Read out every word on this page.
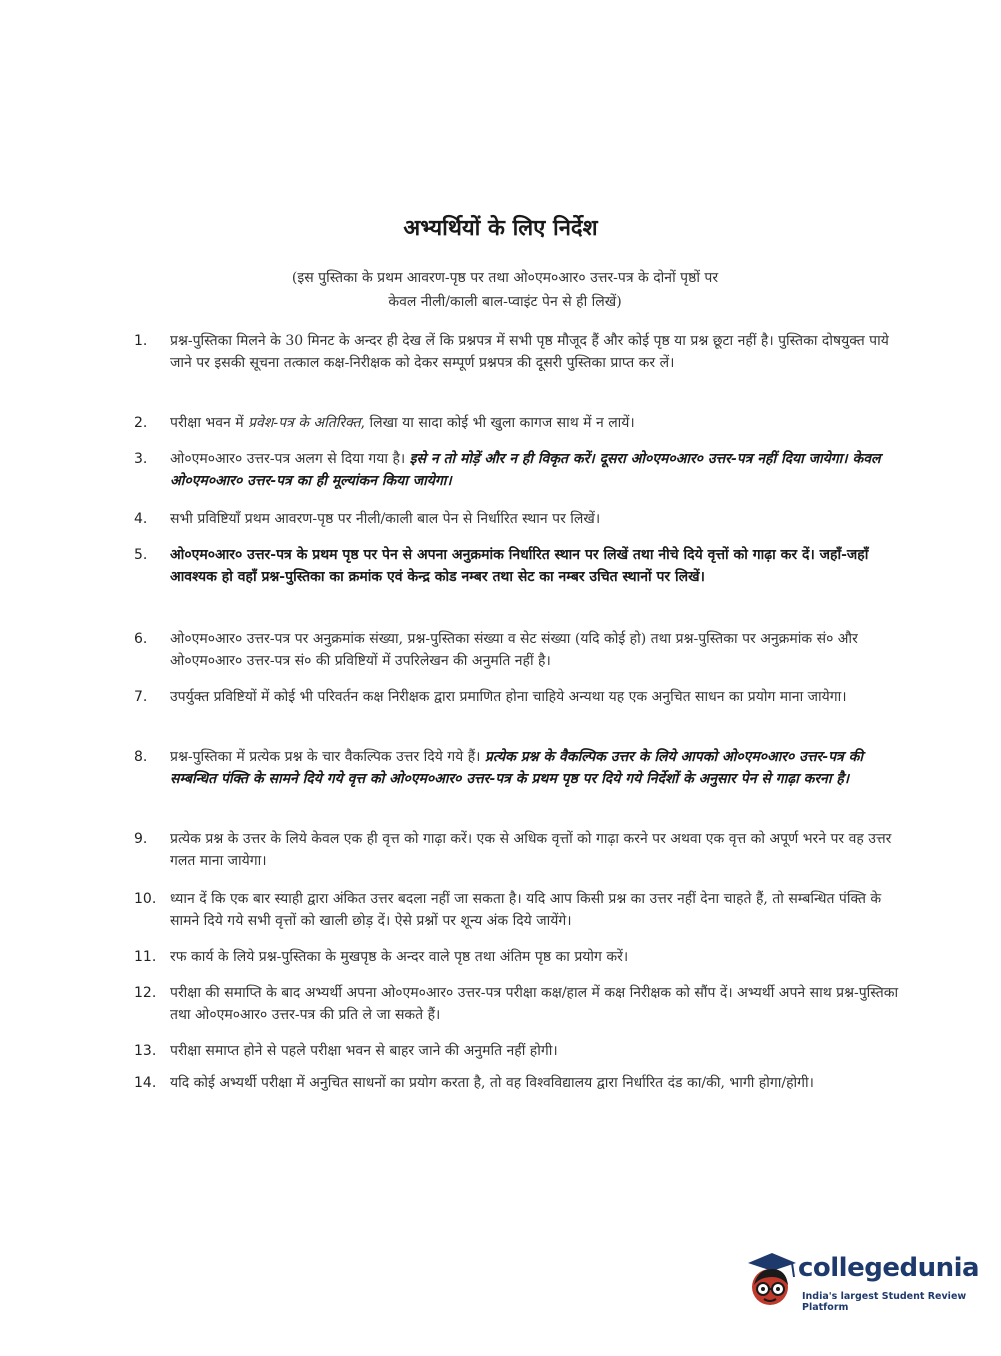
अभ्यर्थियों के लिए निर्देश
(इस पुस्तिका के प्रथम आवरण-पृष्ठ पर तथा ओ०एम०आर० उत्तर-पत्र के दोनों पृष्ठों पर
केवल नीली/काली बाल-प्वाइंट पेन से ही लिखें)
1.	प्रश्न-पुस्तिका मिलने के 30 मिनट के अन्दर ही देख लें कि प्रश्नपत्र में सभी पृष्ठ मौजूद हैं और कोई पृष्ठ या प्रश्न छूटा नहीं है। पुस्तिका दोषयुक्त पाये जाने पर इसकी सूचना तत्काल कक्ष-निरीक्षक को देकर सम्पूर्ण प्रश्नपत्र की दूसरी पुस्तिका प्राप्त कर लें।
2.	परीक्षा भवन में प्रवेश-पत्र के अतिरिक्त, लिखा या सादा कोई भी खुला कागज साथ में न लायें।
3.	ओ०एम०आर० उत्तर-पत्र अलग से दिया गया है। इसे न तो मोड़ें और न ही विकृत करें। दूसरा ओ०एम०आर० उत्तर-पत्र नहीं दिया जायेगा। केवल ओ०एम०आर० उत्तर-पत्र का ही मूल्यांकन किया जायेगा।
4.	सभी प्रविष्टियाँ प्रथम आवरण-पृष्ठ पर नीली/काली बाल पेन से निर्धारित स्थान पर लिखें।
5.	ओ०एम०आर० उत्तर-पत्र के प्रथम पृष्ठ पर पेन से अपना अनुक्रमांक निर्धारित स्थान पर लिखें तथा नीचे दिये वृत्तों को गाढ़ा कर दें। जहाँ-जहाँ आवश्यक हो वहाँ प्रश्न-पुस्तिका का क्रमांक एवं केन्द्र कोड नम्बर तथा सेट का नम्बर उचित स्थानों पर लिखें।
6.	ओ०एम०आर० उत्तर-पत्र पर अनुक्रमांक संख्या, प्रश्न-पुस्तिका संख्या व सेट संख्या (यदि कोई हो) तथा प्रश्न-पुस्तिका पर अनुक्रमांक सं० और ओ०एम०आर० उत्तर-पत्र सं० की प्रविष्टियों में उपरिलेखन की अनुमति नहीं है।
7.	उपर्युक्त प्रविष्टियों में कोई भी परिवर्तन कक्ष निरीक्षक द्वारा प्रमाणित होना चाहिये अन्यथा यह एक अनुचित साधन का प्रयोग माना जायेगा।
8.	प्रश्न-पुस्तिका में प्रत्येक प्रश्न के चार वैकल्पिक उत्तर दिये गये हैं। प्रत्येक प्रश्न के वैकल्पिक उत्तर के लिये आपको ओ०एम०आर० उत्तर-पत्र की सम्बन्धित पंक्ति के सामने दिये गये वृत्त को ओ०एम०आर० उत्तर-पत्र के प्रथम पृष्ठ पर दिये गये निर्देशों के अनुसार पेन से गाढ़ा करना है।
9.	प्रत्येक प्रश्न के उत्तर के लिये केवल एक ही वृत्त को गाढ़ा करें। एक से अधिक वृत्तों को गाढ़ा करने पर अथवा एक वृत्त को अपूर्ण भरने पर वह उत्तर गलत माना जायेगा।
10. ध्यान दें कि एक बार स्याही द्वारा अंकित उत्तर बदला नहीं जा सकता है। यदि आप किसी प्रश्न का उत्तर नहीं देना चाहते हैं, तो सम्बन्धित पंक्ति के सामने दिये गये सभी वृत्तों को खाली छोड़ दें। ऐसे प्रश्नों पर शून्य अंक दिये जायेंगे।
11. रफ कार्य के लिये प्रश्न-पुस्तिका के मुखपृष्ठ के अन्दर वाले पृष्ठ तथा अंतिम पृष्ठ का प्रयोग करें।
12. परीक्षा की समाप्ति के बाद अभ्यर्थी अपना ओ०एम०आर० उत्तर-पत्र परीक्षा कक्ष/हाल में कक्ष निरीक्षक को सौंप दें। अभ्यर्थी अपने साथ प्रश्न-पुस्तिका तथा ओ०एम०आर० उत्तर-पत्र की प्रति ले जा सकते हैं।
13. परीक्षा समाप्त होने से पहले परीक्षा भवन से बाहर जाने की अनुमति नहीं होगी।
14. यदि कोई अभ्यर्थी परीक्षा में अनुचित साधनों का प्रयोग करता है, तो वह विश्वविद्यालय द्वारा निर्धारित दंड का/की, भागी होगा/होगी।
collegedunia
India's largest Student Review Platform
